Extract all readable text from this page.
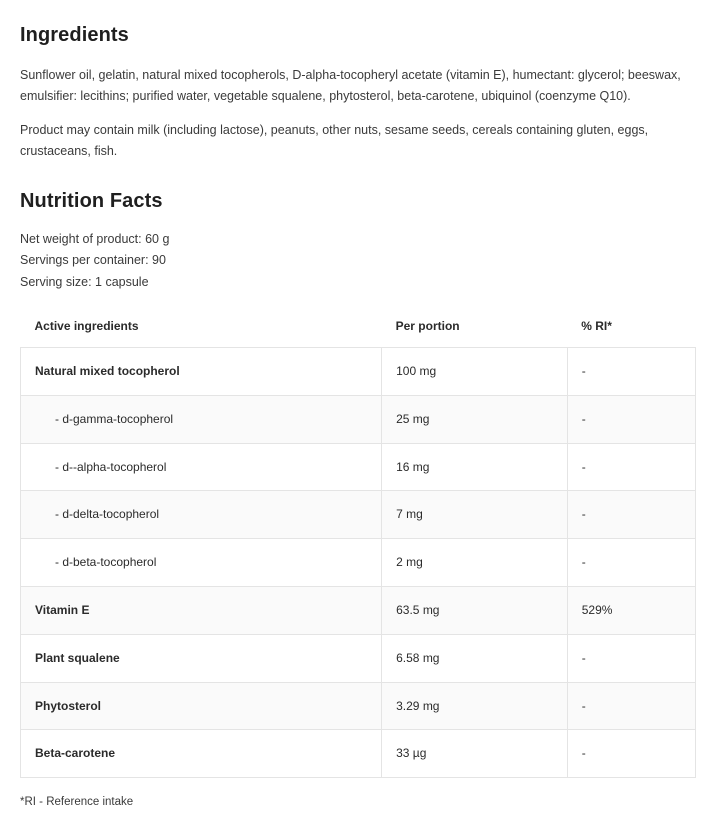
Ingredients

Sunflower oil, gelatin, natural mixed tocopherols, D-alpha-tocopheryl acetate (vitamin E), humectant: glycerol; beeswax, emulsifier: lecithins; purified water, vegetable squalene, phytosterol, beta-carotene, ubiquinol (coenzyme Q10).

Product may contain milk (including lactose), peanuts, other nuts, sesame seeds, cereals containing gluten, eggs, crustaceans, fish.

Nutrition Facts
Net weight of product: 60 g
Servings per container: 90
Serving size: 1 capsule
Active ingredients	Per portion	% RI*
Natural mixed tocopherol	100 mg	-
- d-gamma-tocopherol	25 mg	-
- d--alpha-tocopherol	16 mg	-
- d-delta-tocopherol	7 mg	-
- d-beta-tocopherol	2 mg	-
Vitamin E	63.5 mg	529%
Plant squalene	6.58 mg	-
Phytosterol	3.29 mg	-
Beta-carotene	33 µg	-
*RI - Reference intake
